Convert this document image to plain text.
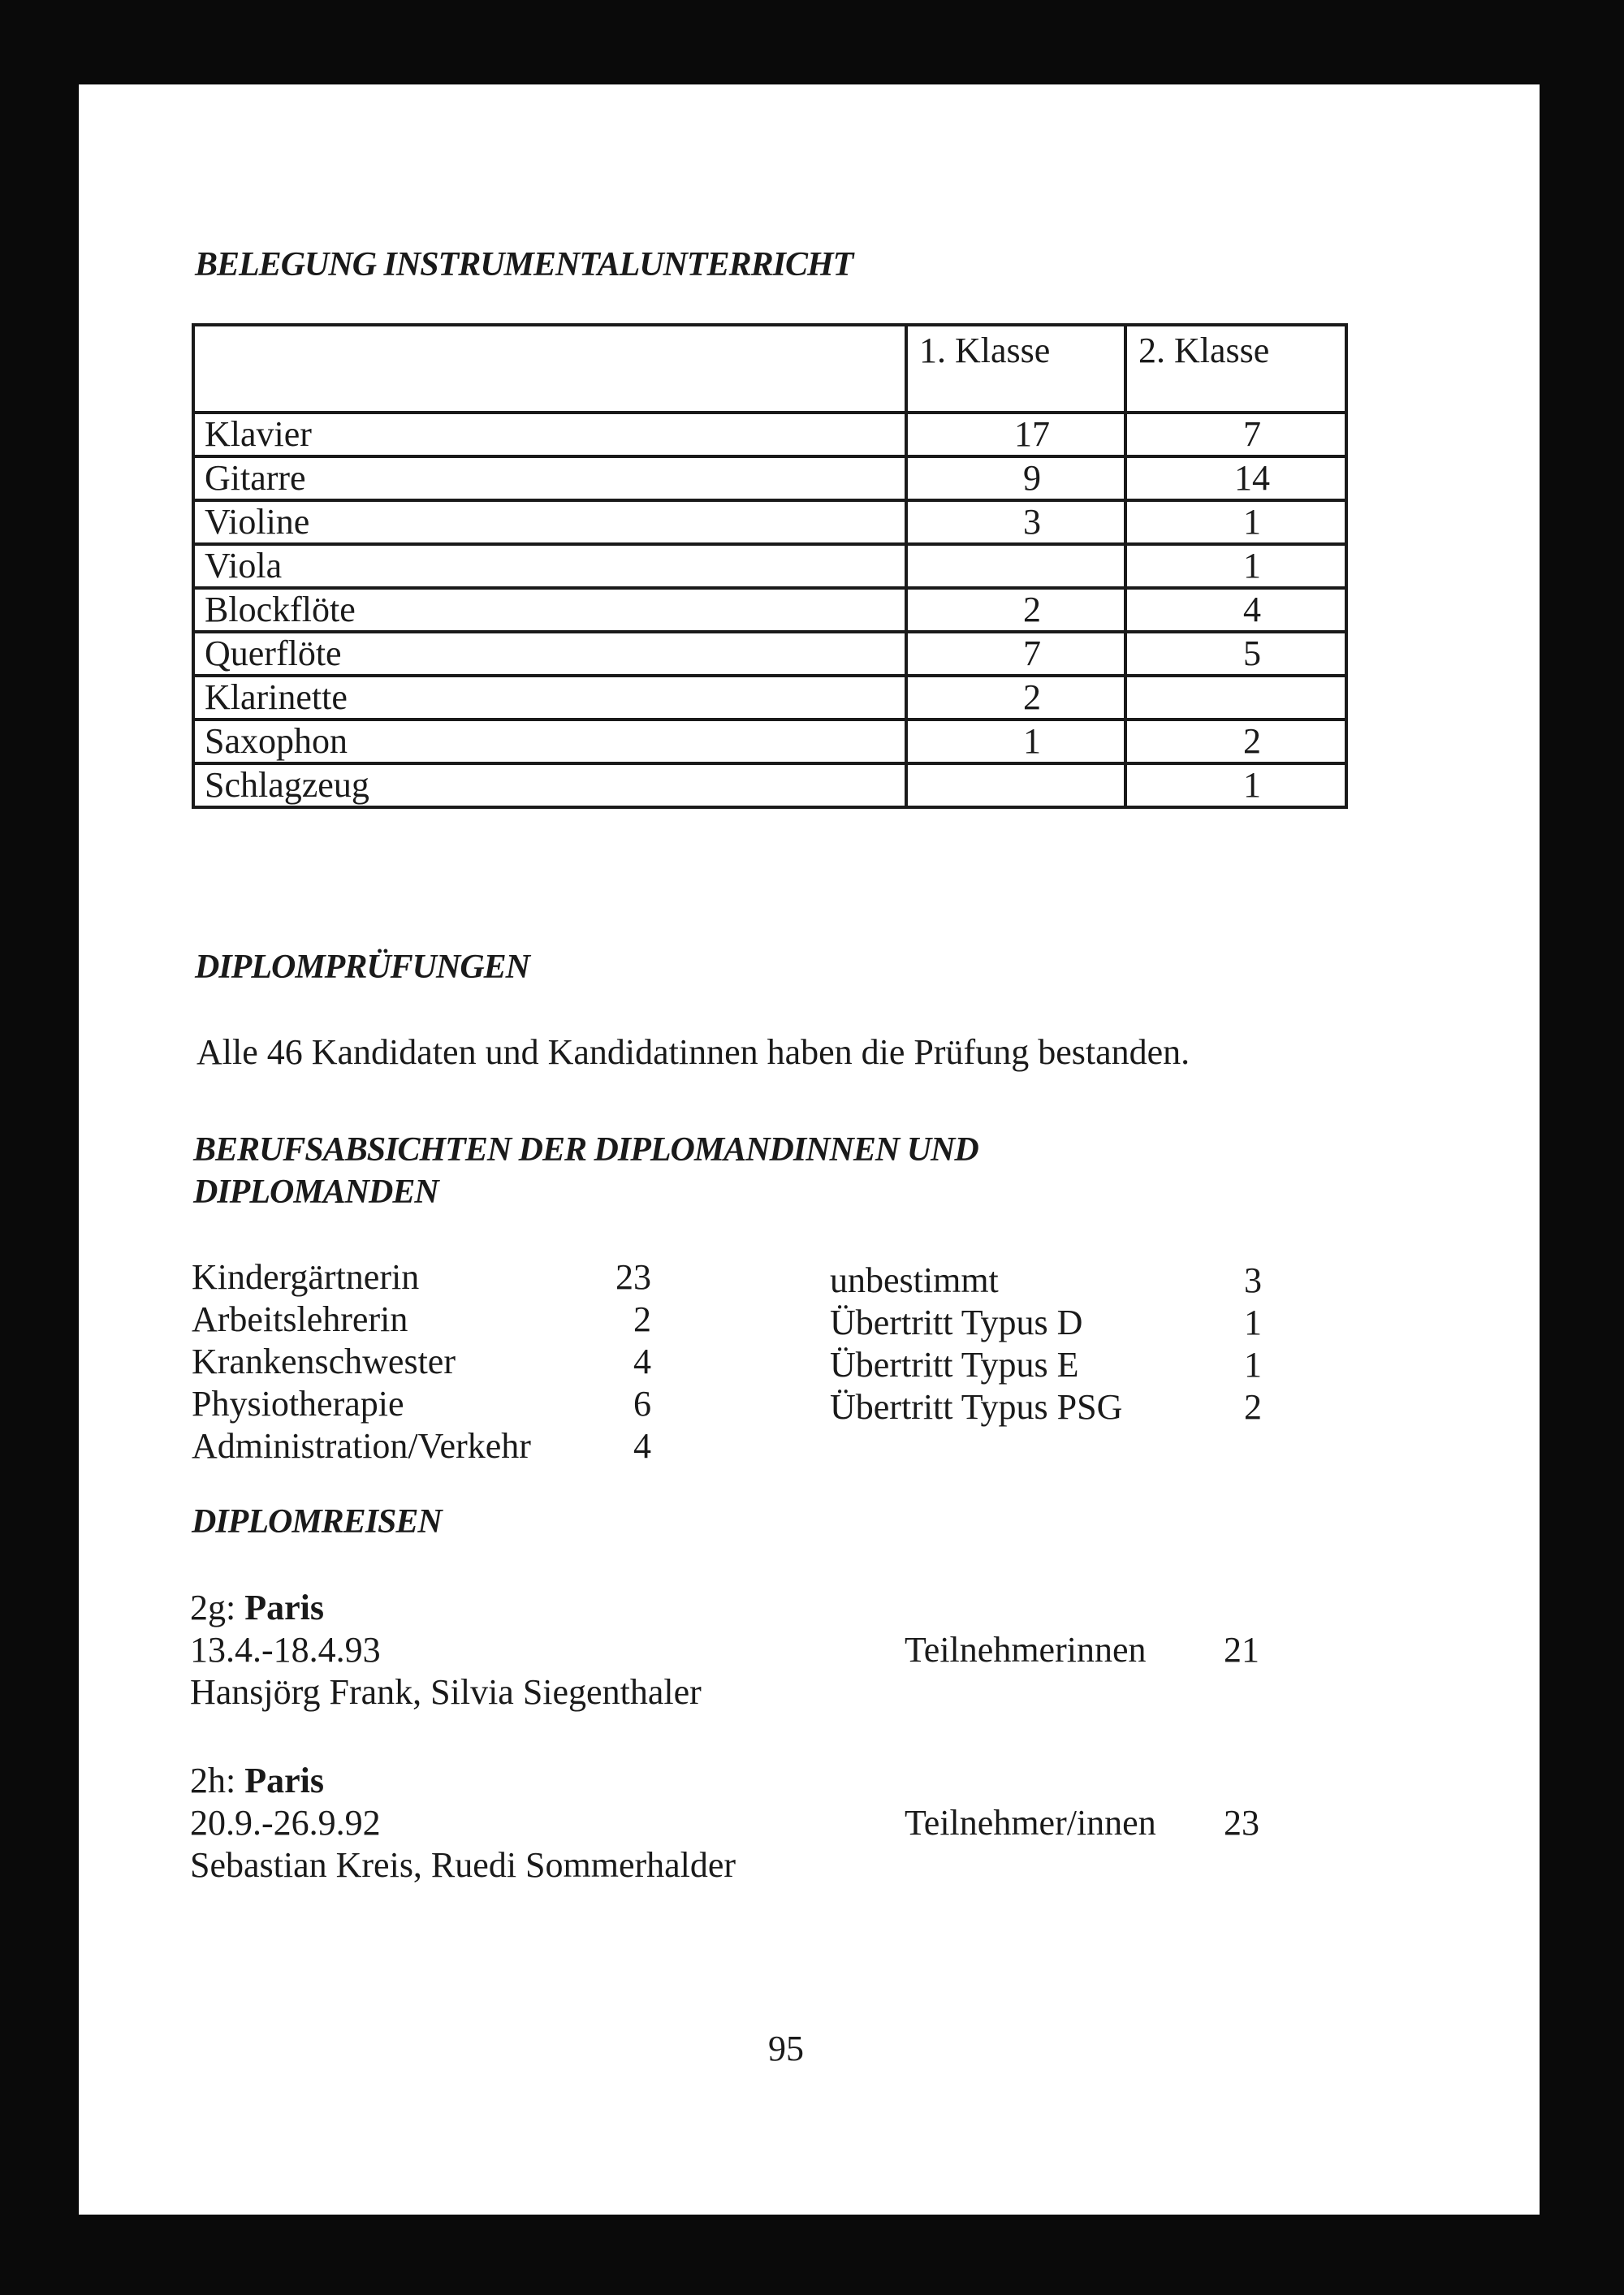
BELEGUNG INSTRUMENTALUNTERRICHT
	1. Klasse	2. Klasse
Klavier	17	7
Gitarre	9	14
Violine	3	1
Viola		1
Blockflöte	2	4
Querflöte	7	5
Klarinette	2	
Saxophon	1	2
Schlagzeug		1
DIPLOMPRÜFUNGEN
Alle 46 Kandidaten und Kandidatinnen haben die Prüfung bestanden.
BERUFSABSICHTEN DER DIPLOMANDINNEN UND
DIPLOMANDEN
Kindergärtnerin	23
Arbeitslehrerin	2
Krankenschwester	4
Physiotherapie	6
Administration/Verkehr	4
unbestimmt	3
Übertritt Typus D	1
Übertritt Typus E	1
Übertritt Typus PSG	2
DIPLOMREISEN
2g: Paris
13.4.-18.4.93
Hansjörg Frank, Silvia Siegenthaler
Teilnehmerinnen 21
2h: Paris
20.9.-26.9.92
Sebastian Kreis, Ruedi Sommerhalder
Teilnehmer/innen 23
95
